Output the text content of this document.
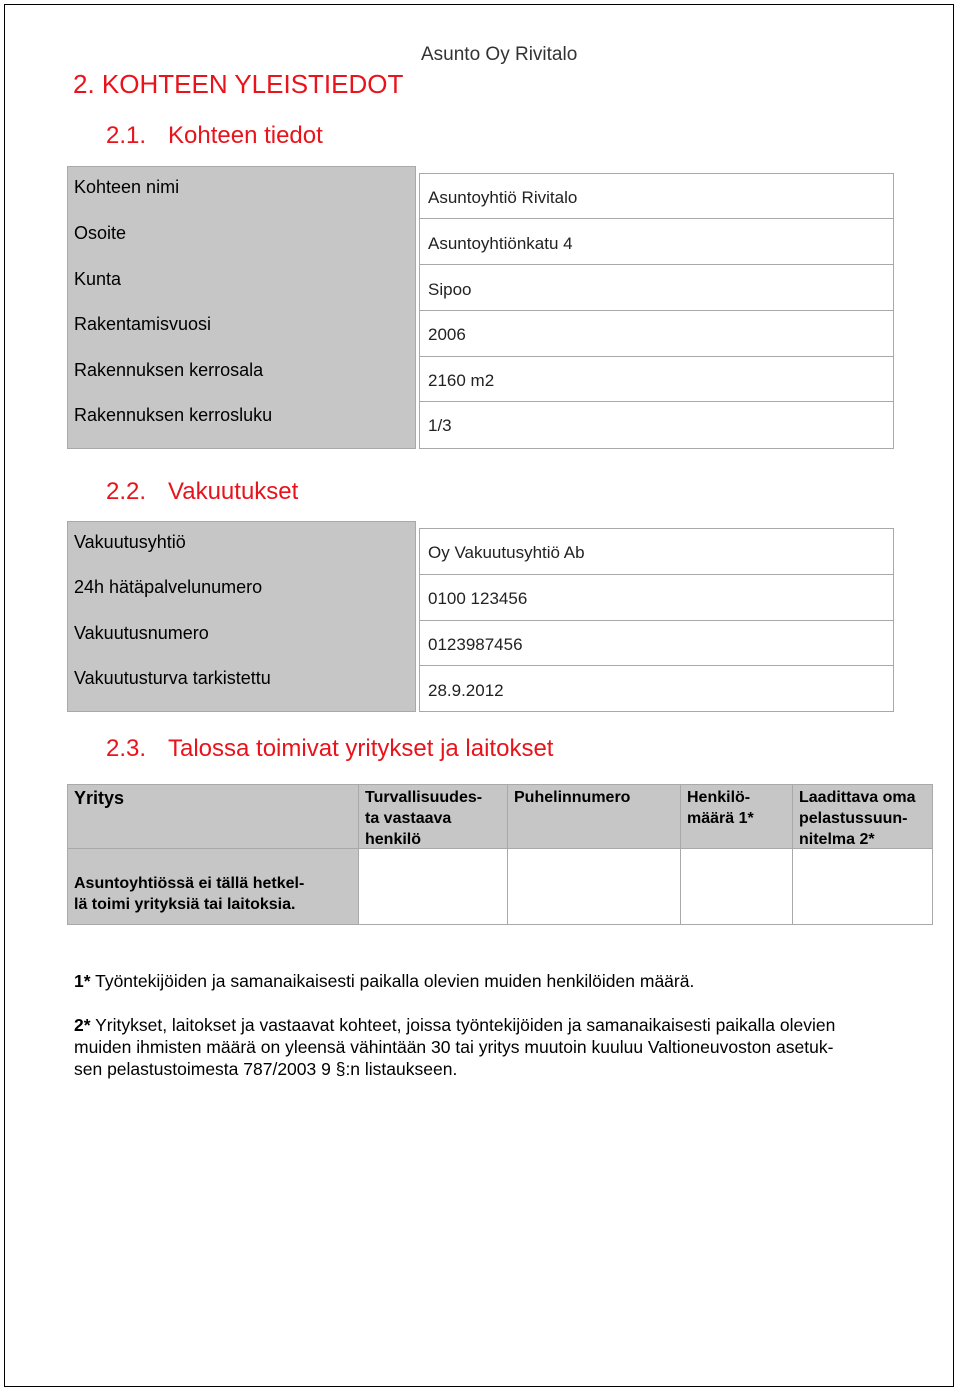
Asunto Oy Rivitalo
2. KOHTEEN YLEISTIEDOT
2.1. Kohteen tiedot
Kohteen nimi
Osoite
Kunta
Rakentamisvuosi
Rakennuksen kerrosala
Rakennuksen kerrosluku
Asuntoyhtiö Rivitalo
Asuntoyhtiönkatu 4
Sipoo
2006
2160 m2
1/3
2.2. Vakuutukset
Vakuutusyhtiö
24h hätäpalvelunumero
Vakuutusnumero
Vakuutusturva tarkistettu
Oy Vakuutusyhtiö Ab
0100 123456
0123987456
28.9.2012
2.3. Talossa toimivat yritykset ja laitokset
Yritys	Turvallisuudes-
ta vastaava
henkilö
Puhelinnumero	Henkilö-
määrä 1*
Laadittava oma
pelastussuun-
nitelma 2*
Asuntoyhtiössä ei tällä hetkel-
lä toimi yrityksiä tai laitoksia.
1* Työntekijöiden ja samanaikaisesti paikalla olevien muiden henkilöiden määrä.
2* Yritykset, laitokset ja vastaavat kohteet, joissa työntekijöiden ja samanaikaisesti paikalla olevien
muiden ihmisten määrä on yleensä vähintään 30 tai yritys muutoin kuuluu Valtioneuvoston asetuk-
sen pelastustoimesta 787/2003 9 §:n listaukseen.
